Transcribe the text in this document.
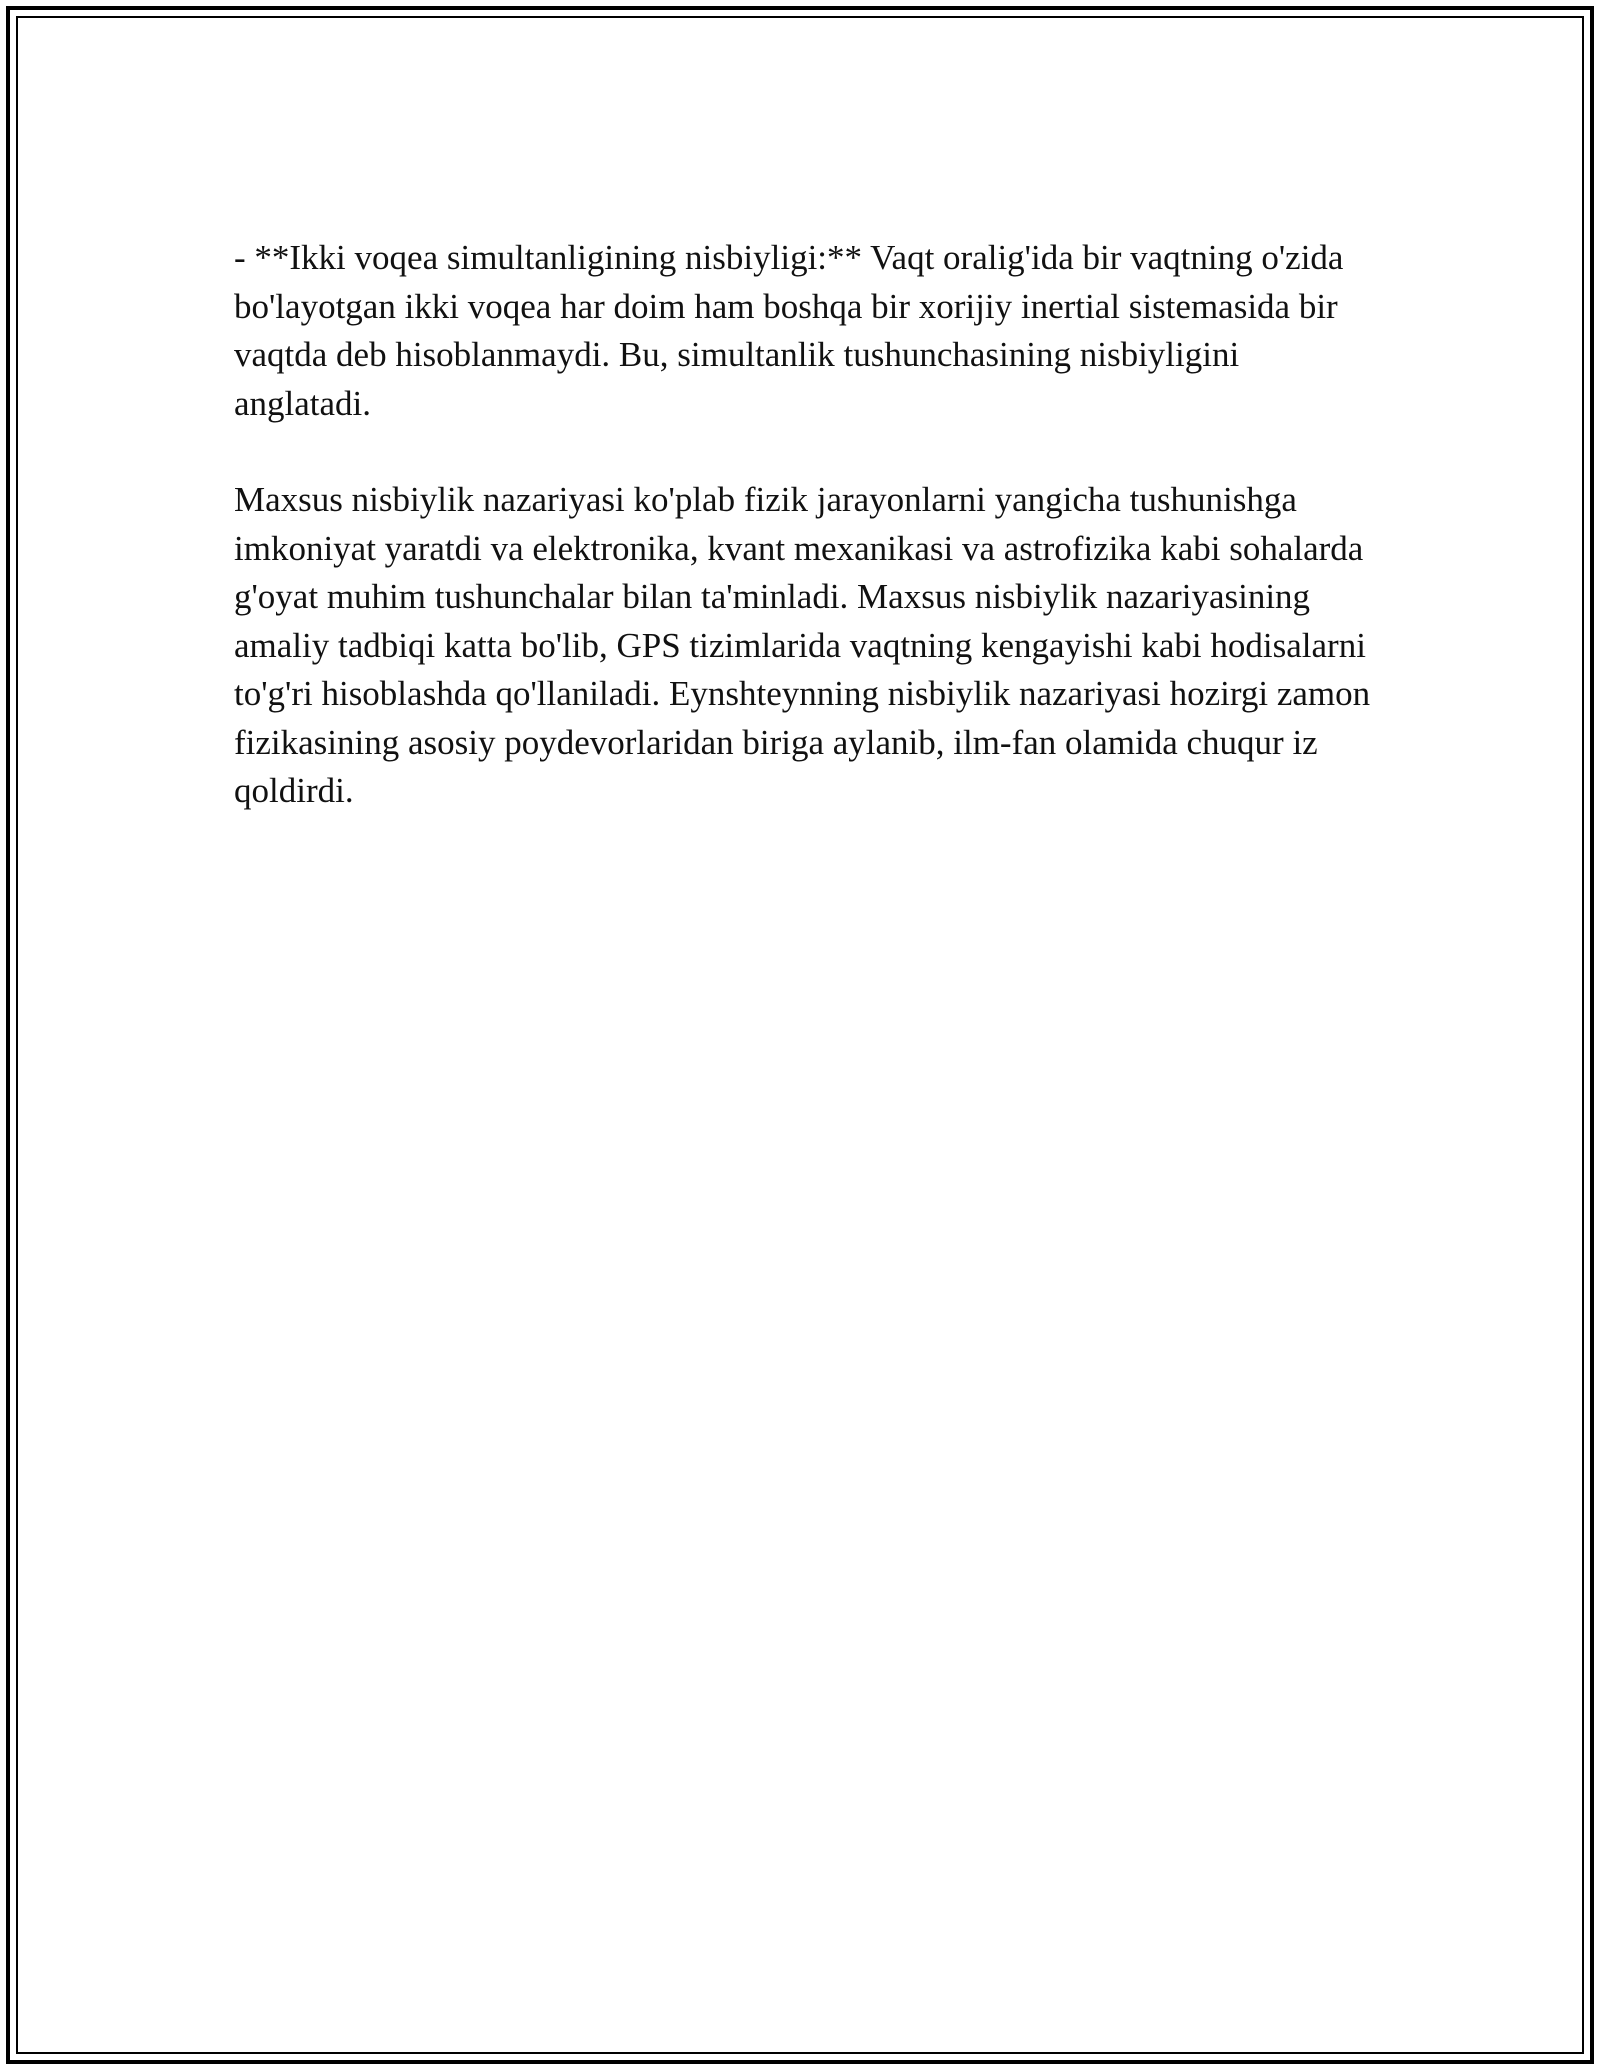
- **Ikki voqea simultanligining nisbiyligi:** Vaqt oralig'ida bir vaqtning o'zida bo'layotgan ikki voqea har doim ham boshqa bir xorijiy inertial sistemasida bir vaqtda deb hisoblanmaydi. Bu, simultanlik tushunchasining nisbiyligini anglatadi.

Maxsus nisbiylik nazariyasi ko'plab fizik jarayonlarni yangicha tushunishga imkoniyat yaratdi va elektronika, kvant mexanikasi va astrofizika kabi sohalarda g'oyat muhim tushunchalar bilan ta'minladi. Maxsus nisbiylik nazariyasining amaliy tadbiqi katta bo'lib, GPS tizimlarida vaqtning kengayishi kabi hodisalarni to'g'ri hisoblashda qo'llaniladi. Eynshteynning nisbiylik nazariyasi hozirgi zamon fizikasining asosiy poydevorlaridan biriga aylanib, ilm-fan olamida chuqur iz qoldirdi.
